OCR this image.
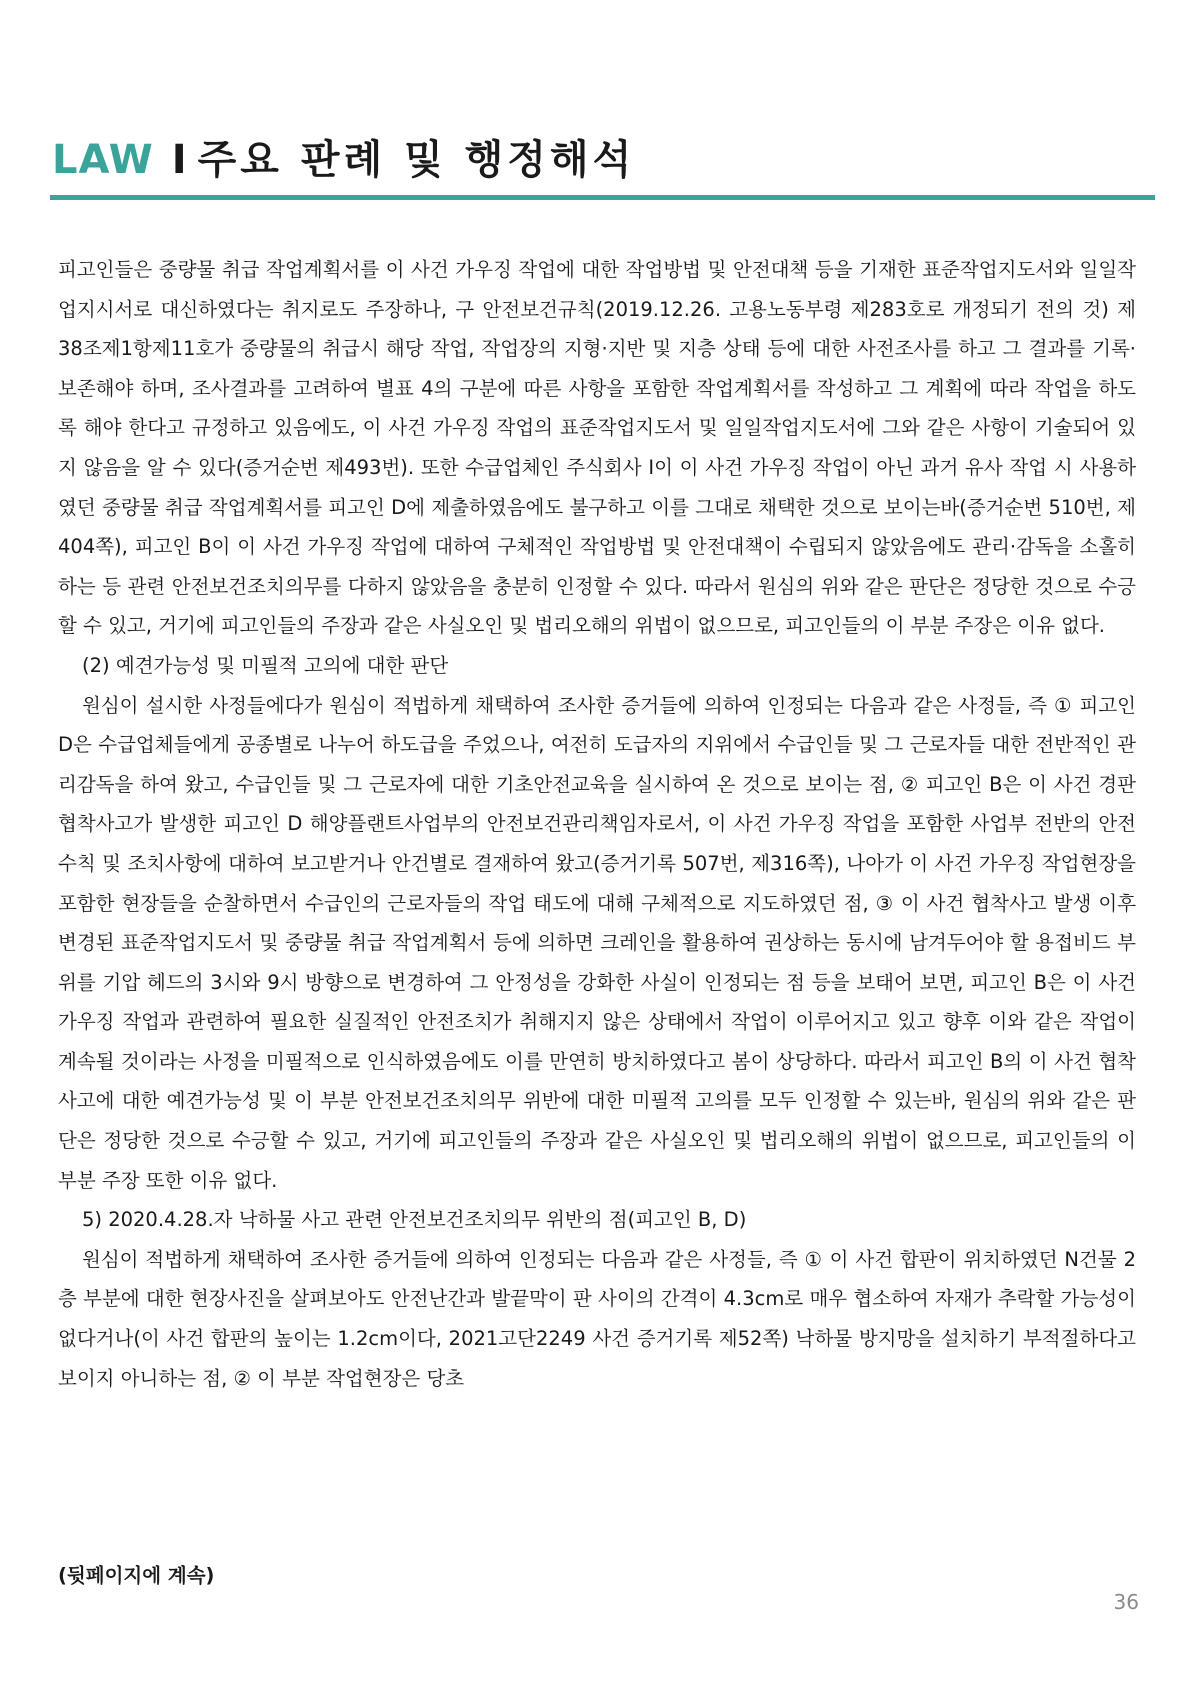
LAW I 주요 판례 및 행정해석

피고인들은 중량물 취급 작업계획서를 이 사건 가우징 작업에 대한 작업방법 및 안전대책 등을 기재한 표준작업지도서와 일일작업지시서로 대신하였다는 취지로도 주장하나, 구 안전보건규칙(2019.12.26. 고용노동부령 제283호로 개정되기 전의 것) 제38조제1항제11호가 중량물의 취급시 해당 작업, 작업장의 지형·지반 및 지층 상태 등에 대한 사전조사를 하고 그 결과를 기록·보존해야 하며, 조사결과를 고려하여 별표 4의 구분에 따른 사항을 포함한 작업계획서를 작성하고 그 계획에 따라 작업을 하도록 해야 한다고 규정하고 있음에도, 이 사건 가우징 작업의 표준작업지도서 및 일일작업지도서에 그와 같은 사항이 기술되어 있지 않음을 알 수 있다(증거순번 제493번). 또한 수급업체인 주식회사 I이 이 사건 가우징 작업이 아닌 과거 유사 작업 시 사용하였던 중량물 취급 작업계획서를 피고인 D에 제출하였음에도 불구하고 이를 그대로 채택한 것으로 보이는바(증거순번 510번, 제404쪽), 피고인 B이 이 사건 가우징 작업에 대하여 구체적인 작업방법 및 안전대책이 수립되지 않았음에도 관리·감독을 소홀히 하는 등 관련 안전보건조치의무를 다하지 않았음을 충분히 인정할 수 있다. 따라서 원심의 위와 같은 판단은 정당한 것으로 수긍할 수 있고, 거기에 피고인들의 주장과 같은 사실오인 및 법리오해의 위법이 없으므로, 피고인들의 이 부분 주장은 이유 없다.

(2) 예견가능성 및 미필적 고의에 대한 판단

원심이 설시한 사정들에다가 원심이 적법하게 채택하여 조사한 증거들에 의하여 인정되는 다음과 같은 사정들, 즉 ① 피고인 D은 수급업체들에게 공종별로 나누어 하도급을 주었으나, 여전히 도급자의 지위에서 수급인들 및 그 근로자들 대한 전반적인 관리감독을 하여 왔고, 수급인들 및 그 근로자에 대한 기초안전교육을 실시하여 온 것으로 보이는 점, ② 피고인 B은 이 사건 경판 협착사고가 발생한 피고인 D 해양플랜트사업부의 안전보건관리책임자로서, 이 사건 가우징 작업을 포함한 사업부 전반의 안전수칙 및 조치사항에 대하여 보고받거나 안건별로 결재하여 왔고(증거기록 507번, 제316쪽), 나아가 이 사건 가우징 작업현장을 포함한 현장들을 순찰하면서 수급인의 근로자들의 작업 태도에 대해 구체적으로 지도하였던 점, ③ 이 사건 협착사고 발생 이후 변경된 표준작업지도서 및 중량물 취급 작업계획서 등에 의하면 크레인을 활용하여 권상하는 동시에 남겨두어야 할 용접비드 부위를 기압 헤드의 3시와 9시 방향으로 변경하여 그 안정성을 강화한 사실이 인정되는 점 등을 보태어 보면, 피고인 B은 이 사건 가우징 작업과 관련하여 필요한 실질적인 안전조치가 취해지지 않은 상태에서 작업이 이루어지고 있고 향후 이와 같은 작업이 계속될 것이라는 사정을 미필적으로 인식하였음에도 이를 만연히 방치하였다고 봄이 상당하다. 따라서 피고인 B의 이 사건 협착사고에 대한 예견가능성 및 이 부분 안전보건조치의무 위반에 대한 미필적 고의를 모두 인정할 수 있는바, 원심의 위와 같은 판단은 정당한 것으로 수긍할 수 있고, 거기에 피고인들의 주장과 같은 사실오인 및 법리오해의 위법이 없으므로, 피고인들의 이 부분 주장 또한 이유 없다.

5) 2020.4.28.자 낙하물 사고 관련 안전보건조치의무 위반의 점(피고인 B, D)

원심이 적법하게 채택하여 조사한 증거들에 의하여 인정되는 다음과 같은 사정들, 즉 ① 이 사건 합판이 위치하였던 N건물 2층 부분에 대한 현장사진을 살펴보아도 안전난간과 발끝막이 판 사이의 간격이 4.3cm로 매우 협소하여 자재가 추락할 가능성이 없다거나(이 사건 합판의 높이는 1.2cm이다, 2021고단2249 사건 증거기록 제52쪽) 낙하물 방지망을 설치하기 부적절하다고 보이지 아니하는 점, ② 이 부분 작업현장은 당초

(뒷페이지에 계속)
36
